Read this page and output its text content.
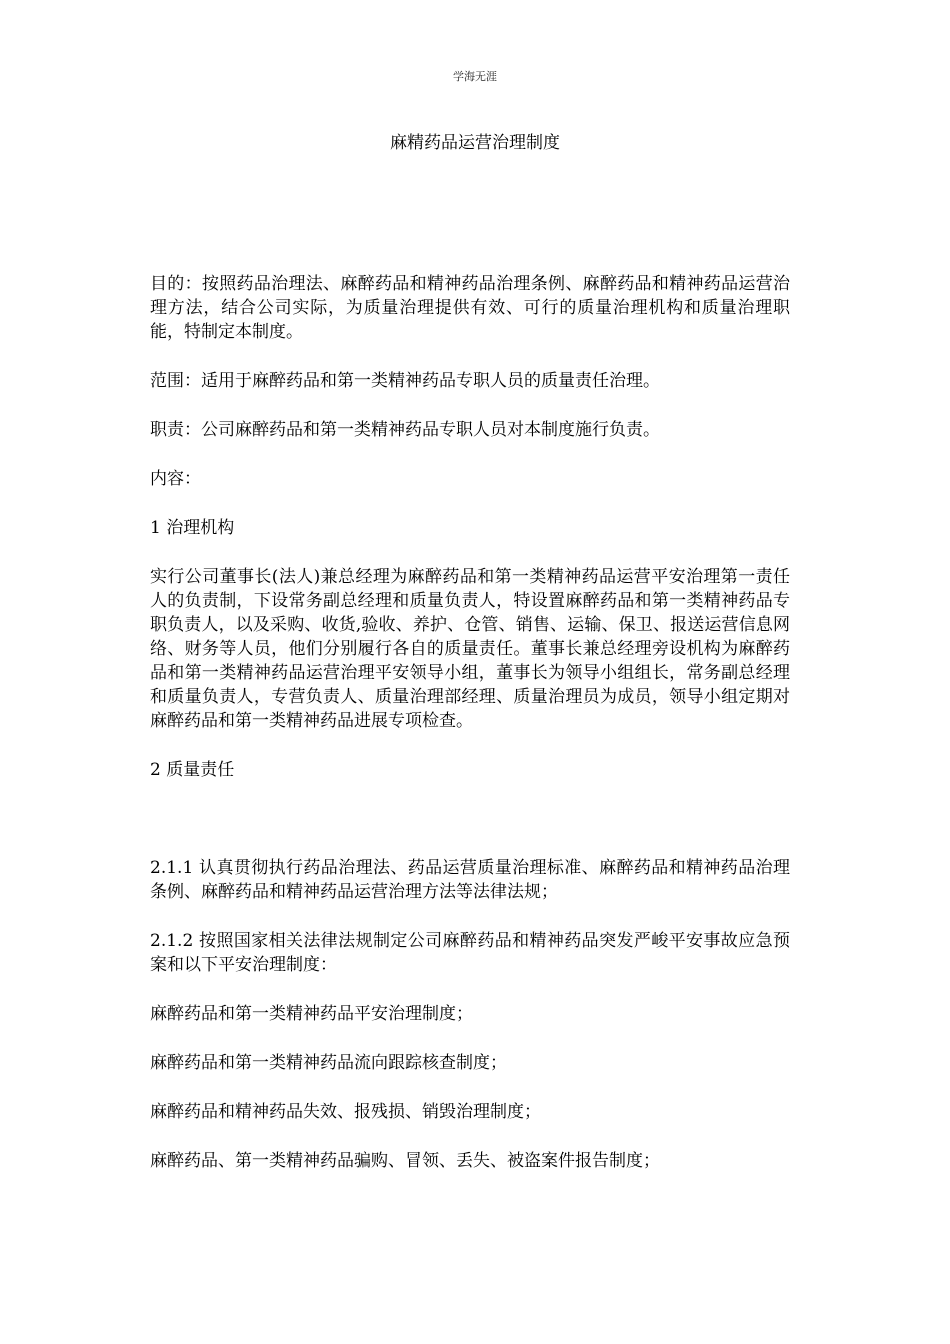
学海无涯
麻精药品运营治理制度

目的：按照药品治理法、麻醉药品和精神药品治理条例、麻醉药品和精神药品运营治理方法，结合公司实际，为质量治理提供有效、可行的质量治理机构和质量治理职能，特制定本制度。

范围：适用于麻醉药品和第一类精神药品专职人员的质量责任治理。

职责：公司麻醉药品和第一类精神药品专职人员对本制度施行负责。

内容：

1 治理机构

实行公司董事长(法人)兼总经理为麻醉药品和第一类精神药品运营平安治理第一责任人的负责制，下设常务副总经理和质量负责人，特设置麻醉药品和第一类精神药品专职负责人，以及采购、收货,验收、养护、仓管、销售、运输、保卫、报送运营信息网络、财务等人员，他们分别履行各自的质量责任。董事长兼总经理旁设机构为麻醉药品和第一类精神药品运营治理平安领导小组，董事长为领导小组组长，常务副总经理和质量负责人，专营负责人、质量治理部经理、质量治理员为成员，领导小组定期对麻醉药品和第一类精神药品进展专项检查。

2 质量责任

2.1.1 认真贯彻执行药品治理法、药品运营质量治理标准、麻醉药品和精神药品治理条例、麻醉药品和精神药品运营治理方法等法律法规；

2.1.2 按照国家相关法律法规制定公司麻醉药品和精神药品突发严峻平安事故应急预案和以下平安治理制度：

麻醉药品和第一类精神药品平安治理制度；

麻醉药品和第一类精神药品流向跟踪核查制度；

麻醉药品和精神药品失效、报残损、销毁治理制度；

麻醉药品、第一类精神药品骗购、冒领、丢失、被盗案件报告制度；
